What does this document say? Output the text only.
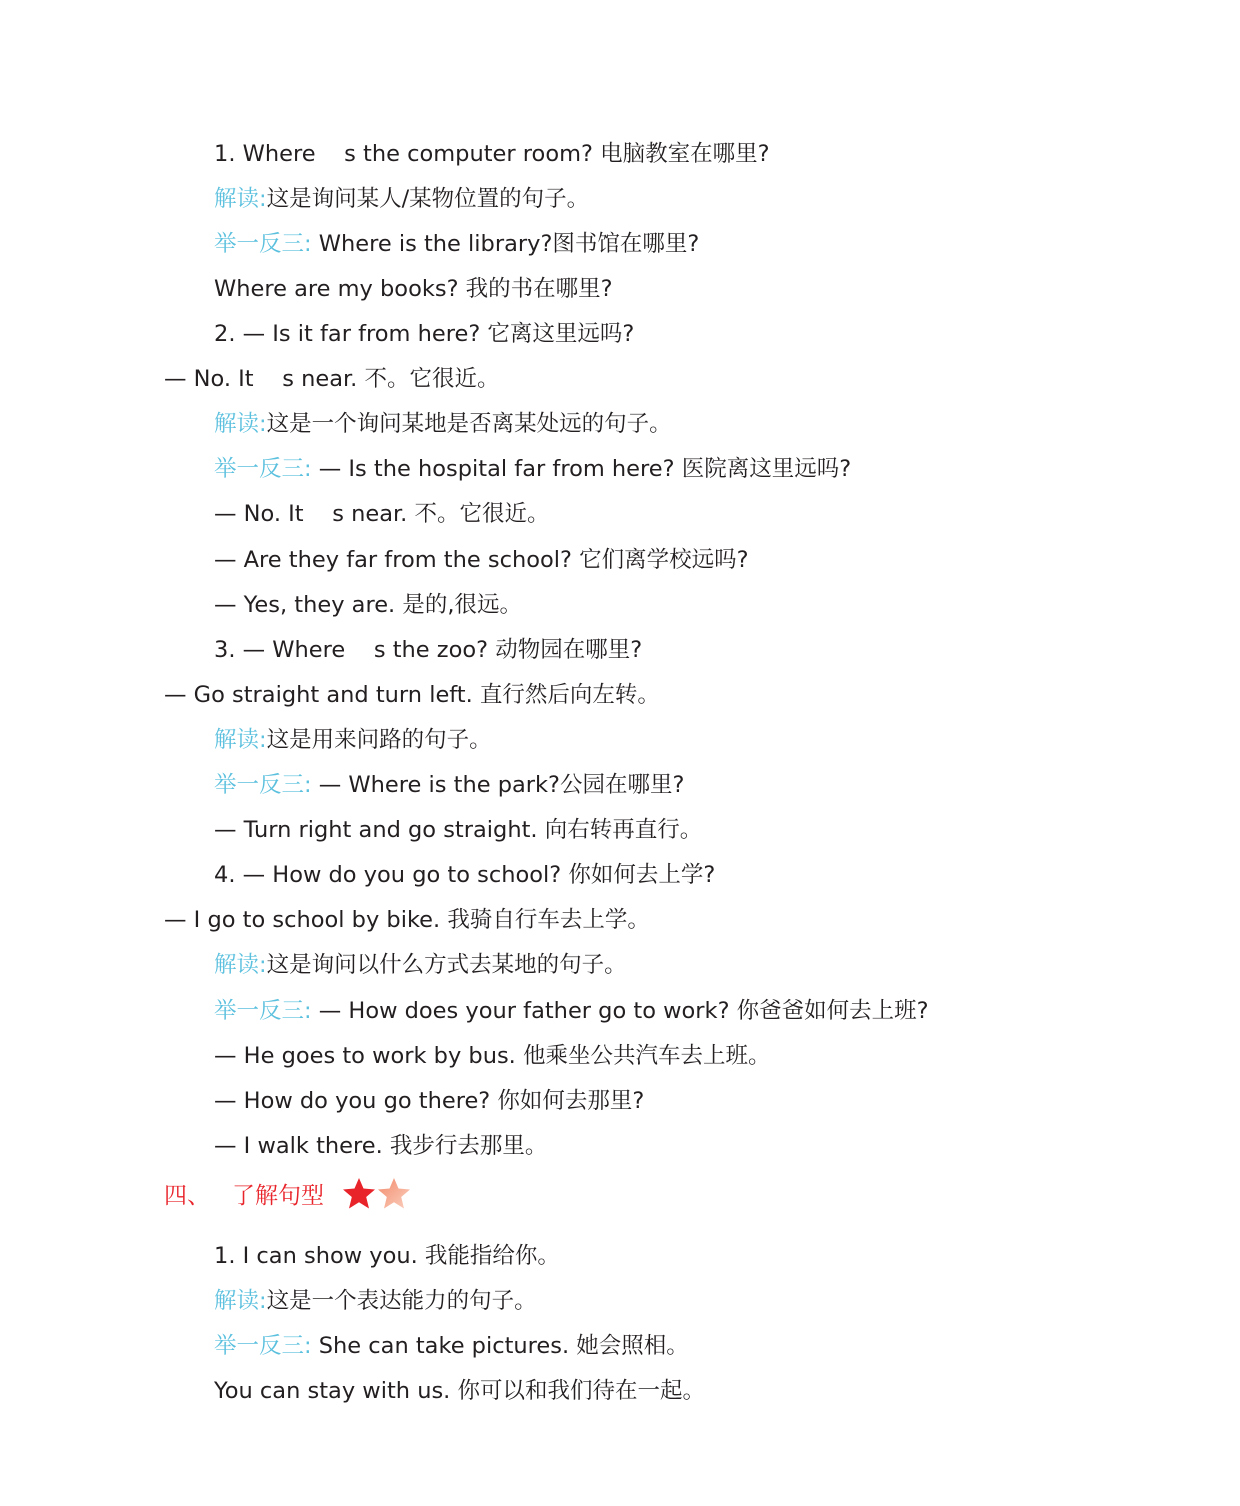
1. Where    s the computer room? 电脑教室在哪里?
解读:这是询问某人/某物位置的句子。
举一反三: Where is the library?图书馆在哪里?
Where are my books? 我的书在哪里?
2. — Is it far from here? 它离这里远吗?
— No. It    s near. 不。它很近。
解读:这是一个询问某地是否离某处远的句子。
举一反三: — Is the hospital far from here? 医院离这里远吗?
— No. It    s near. 不。它很近。
— Are they far from the school? 它们离学校远吗?
— Yes, they are. 是的,很远。
3. — Where    s the zoo? 动物园在哪里?
— Go straight and turn left. 直行然后向左转。
解读:这是用来问路的句子。
举一反三: — Where is the park?公园在哪里?
— Turn right and go straight. 向右转再直行。
4. — How do you go to school? 你如何去上学?
— I go to school by bike. 我骑自行车去上学。
解读:这是询问以什么方式去某地的句子。
举一反三: — How does your father go to work? 你爸爸如何去上班?
— He goes to work by bus. 他乘坐公共汽车去上班。
— How do you go there? 你如何去那里?
— I walk there. 我步行去那里。
四、 了解句型
1. I can show you. 我能指给你。
解读:这是一个表达能力的句子。
举一反三: She can take pictures. 她会照相。
You can stay with us. 你可以和我们待在一起。
